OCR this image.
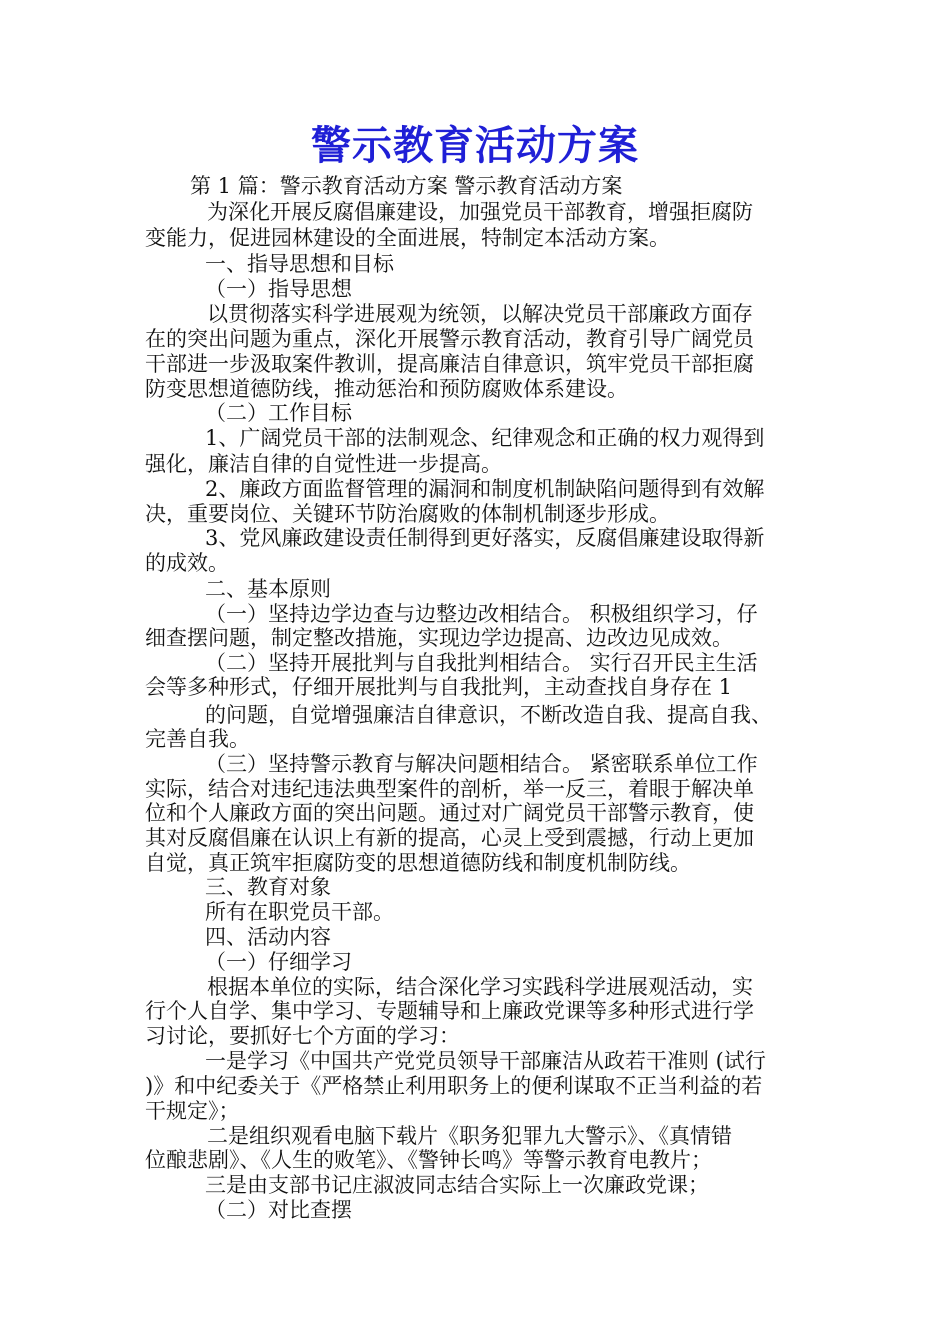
警示教育活动方案
第 1 篇：警示教育活动方案 警示教育活动方案
为深化开展反腐倡廉建设，加强党员干部教育，增强拒腐防
变能力，促进园林建设的全面进展，特制定本活动方案。
一、指导思想和目标
（一）指导思想
以贯彻落实科学进展观为统领，以解决党员干部廉政方面存
在的突出问题为重点，深化开展警示教育活动，教育引导广阔党员
干部进一步汲取案件教训，提高廉洁自律意识，筑牢党员干部拒腐
防变思想道德防线，推动惩治和预防腐败体系建设。
（二）工作目标
1、广阔党员干部的法制观念、纪律观念和正确的权力观得到
强化，廉洁自律的自觉性进一步提高。
2、廉政方面监督管理的漏洞和制度机制缺陷问题得到有效解
决，重要岗位、关键环节防治腐败的体制机制逐步形成。
3、党风廉政建设责任制得到更好落实，反腐倡廉建设取得新
的成效。
二、基本原则
（一）坚持边学边查与边整边改相结合。 积极组织学习，仔
细查摆问题，制定整改措施，实现边学边提高、边改边见成效。
（二）坚持开展批判与自我批判相结合。 实行召开民主生活
会等多种形式，仔细开展批判与自我批判，主动查找自身存在 1
的问题，自觉增强廉洁自律意识，不断改造自我、提高自我、
完善自我。
（三）坚持警示教育与解决问题相结合。 紧密联系单位工作
实际，结合对违纪违法典型案件的剖析，举一反三，着眼于解决单
位和个人廉政方面的突出问题。通过对广阔党员干部警示教育，使
其对反腐倡廉在认识上有新的提高，心灵上受到震撼，行动上更加
自觉，真正筑牢拒腐防变的思想道德防线和制度机制防线。
三、教育对象
所有在职党员干部。
四、活动内容
（一）仔细学习
根据本单位的实际，结合深化学习实践科学进展观活动，实
行个人自学、集中学习、专题辅导和上廉政党课等多种形式进行学
习讨论，要抓好七个方面的学习：
一是学习《中国共产党党员领导干部廉洁从政若干准则 (试行
)》和中纪委关于《严格禁止利用职务上的便利谋取不正当利益的若
干规定》；
二是组织观看电脑下载片《职务犯罪九大警示》、《真情错
位酿悲剧》、《人生的败笔》、《警钟长鸣》等警示教育电教片；
三是由支部书记庄淑波同志结合实际上一次廉政党课；
（二）对比查摆
